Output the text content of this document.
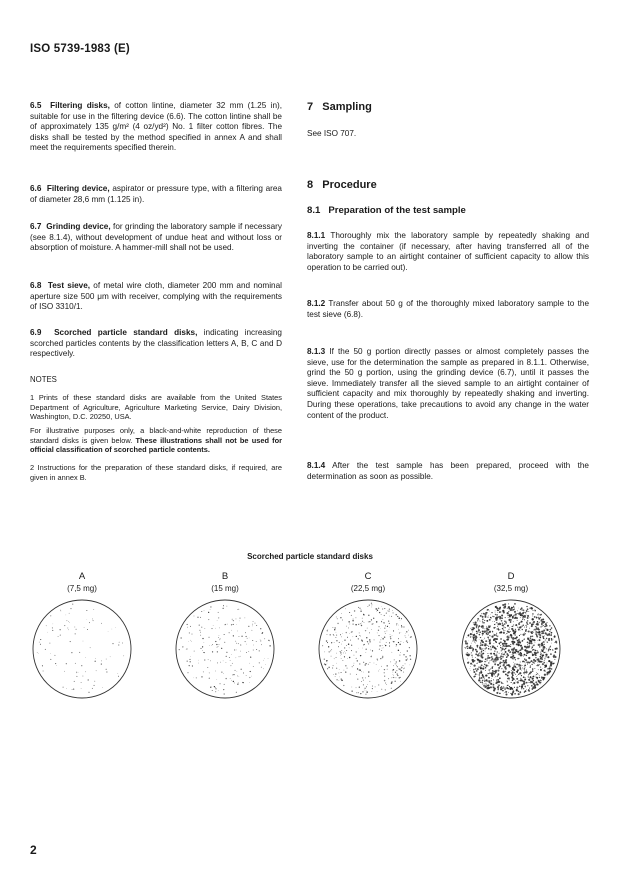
ISO 5739-1983 (E)
6.5 Filtering disks, of cotton lintine, diameter 32 mm (1.25 in), suitable for use in the filtering device (6.6). The cotton lintine shall be of approximately 135 g/m² (4 oz/yd²) No. 1 filter cotton fibres. The disks shall be tested by the method specified in annex A and shall meet the requirements specified therein.
6.6 Filtering device, aspirator or pressure type, with a filtering area of diameter 28,6 mm (1.125 in).
6.7 Grinding device, for grinding the laboratory sample if necessary (see 8.1.4), without development of undue heat and without loss or absorption of moisture. A hammer-mill shall not be used.
6.8 Test sieve, of metal wire cloth, diameter 200 mm and nominal aperture size 500 μm with receiver, complying with the requirements of ISO 3310/1.
6.9 Scorched particle standard disks, indicating increasing scorched particles contents by the classification letters A, B, C and D respectively.
NOTES
1 Prints of these standard disks are available from the United States Department of Agriculture, Agriculture Marketing Service, Dairy Division, Washington, D.C. 20250, USA.
For illustrative purposes only, a black-and-white reproduction of these standard disks is given below. These illustrations shall not be used for official classification of scorched particle contents.
2 Instructions for the preparation of these standard disks, if required, are given in annex B.
7 Sampling
See ISO 707.
8 Procedure
8.1 Preparation of the test sample
8.1.1 Thoroughly mix the laboratory sample by repeatedly shaking and inverting the container (if necessary, after having transferred all of the laboratory sample to an airtight container of sufficient capacity to allow this operation to be carried out).
8.1.2 Transfer about 50 g of the thoroughly mixed laboratory sample to the test sieve (6.8).
8.1.3 If the 50 g portion directly passes or almost completely passes the sieve, use for the determination the sample as prepared in 8.1.1. Otherwise, grind the 50 g portion, using the grinding device (6.7), until it passes the sieve. Immediately transfer all the sieved sample to an airtight container of sufficient capacity and mix thoroughly by repeatedly shaking and inverting. During these operations, take precautions to avoid any change in the water content of the product.
8.1.4 After the test sample has been prepared, proceed with the determination as soon as possible.
Scorched particle standard disks
A
(7,5 mg)
B
(15 mg)
C
(22,5 mg)
D
(32,5 mg)
2
